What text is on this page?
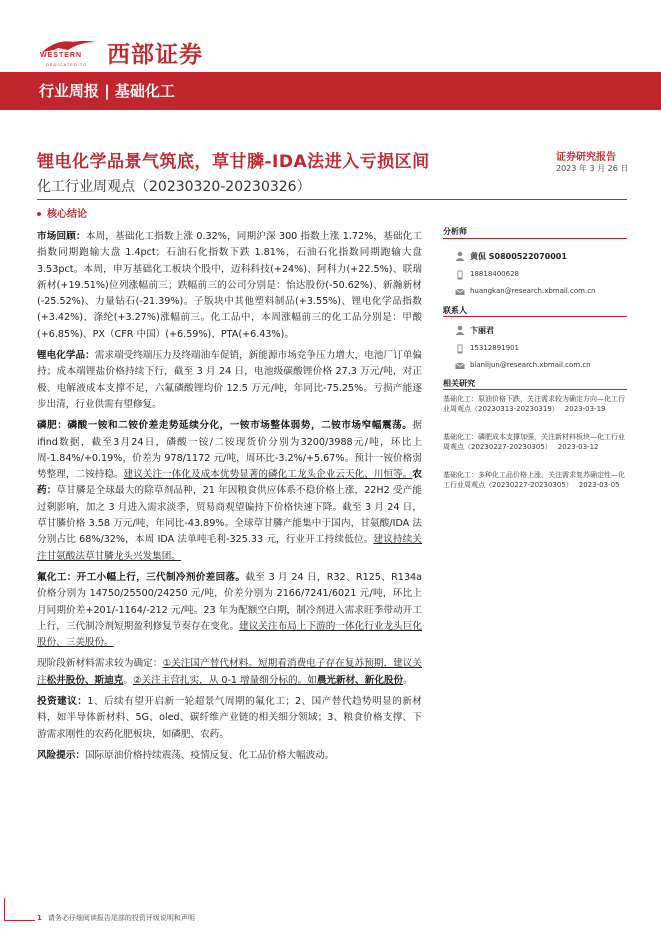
WESTERN
DEDICATED TO 西部证券
行业周报 | 基础化工
锂电化学品景气筑底，草甘膦-IDA法进入亏损区间	证券研究报告
2023 年 3 月 26 日
化工行业周观点（20230320-20230326）
核心结论
市场回顾：本周，基础化工指数上涨 0.32%，同期沪深 300 指数上涨 1.72%，基础化工指数同期跑输大盘 1.4pct；石油石化指数下跌 1.81%，石油石化指数同期跑输大盘 3.53pct。本周，申万基础化工板块个股中，迈科科技(+24%)、阿科力(+22.5%)、联瑞新材(+19.51%)位列涨幅前三；跌幅前三的公司分别是：怡达股份(-50.62%)、新瀚新材(-25.52%)、力量钻石(-21.39%)。子版块中其他塑料制品(+3.55%)、锂电化学品指数(+3.42%)、涤纶(+3.27%)涨幅前三。化工品中，本周涨幅前三的化工品分别是：甲酸(+6.85%)、PX（CFR 中国）(+6.59%)、PTA(+6.43%)。
锂电化学品：需求端受终端压力及终端油车促销，新能源市场竞争压力增大，电池厂订单偏持；成本端锂盐价格持续下行，截至 3 月 24 日，电池级碳酸锂价格 27.3 万元/吨，对正极、电解液成本支撑不足，六氟磷酸锂均价 12.5 万元/吨，年同比-75.25%。亏损产能逐步出清，行业供需有望修复。
磷肥：磷酸一铵和二铵价差走势延续分化，一铵市场整体弱势，二铵市场窄幅震荡。据ifind数据，截至3月24日，磷酸一铵/二铵现货价分别为3200/3988元/吨，环比上周-1.84%/+0.19%，价差为 978/1172 元/吨，周环比-3.2%/+5.67%。预计一铵价格弱势整理，二铵持稳。建议关注一体化及成本优势显著的磷化工龙头企业云天化、川恒等。农药：草甘膦是全球最大的除草剂品种，21 年因粮食供应体系不稳价格上涨，22H2 受产能过剩影响，加之 3 月进入需求淡季，贸易商观望偏持下价格快速下降。截至 3 月 24 日，草甘膦价格 3.58 万元/吨，年同比-43.89%。全球草甘膦产能集中于国内，甘氨酸/IDA 法分别占比 68%/32%，本周 IDA 法单吨毛利-325.33 元，行业开工持续低位。建议持续关注甘氨酸法草甘膦龙头兴发集团。
氟化工：开工小幅上行，三代制冷剂价差回落。截至 3 月 24 日，R32、R125、R134a 价格分别为 14750/25500/24250 元/吨，价差分别为 2166/7241/6021 元/吨，环比上月同期价差+201/-1164/-212 元/吨。23 年为配额空白期，制冷剂进入需求旺季带动开工上行，三代制冷剂短期盈利修复节奏存在变化。建议关注布局上下游的一体化行业龙头巨化股份、三美股份。
现阶段新材料需求较为确定：①关注国产替代材料。短期看消费电子存在复苏预期，建议关注松井股份、斯迪克。②关注主营扎实，从 0-1 增量细分标的。如晨光新材、新化股份。
投资建议：1、后续有望开启新一轮超景气周期的氟化工；2、国产替代趋势明显的新材料，如半导体新材料、5G、oled、碳纤维产业链的相关细分领域；3、粮食价格支撑、下游需求刚性的农药化肥板块，如磷肥、农药。
风险提示：国际原油价格持续震荡、疫情反复、化工品价格大幅波动。
分析师
黄侃 S0800522070001
18818400628
huangkan@research.xbmail.com.cn
联系人
卞丽君
15312891901
bianlijun@research.xbmail.com.cn
相关研究
基础化工：原油价格下跌，关注需求较为确定方向—化工行业周观点（20230313-20230319） 2023-03-19
基础化工：磷肥成本支撑加强，关注新材料板块—化工行业周观点（20230227-20230305） 2023-03-12
基础化工：多种化工品价格上涨，关注需求复苏确定性—化工行业周观点（20230227-20230305） 2023-03-05
1 请务必仔细阅读报告尾部的投资评级说明和声明
